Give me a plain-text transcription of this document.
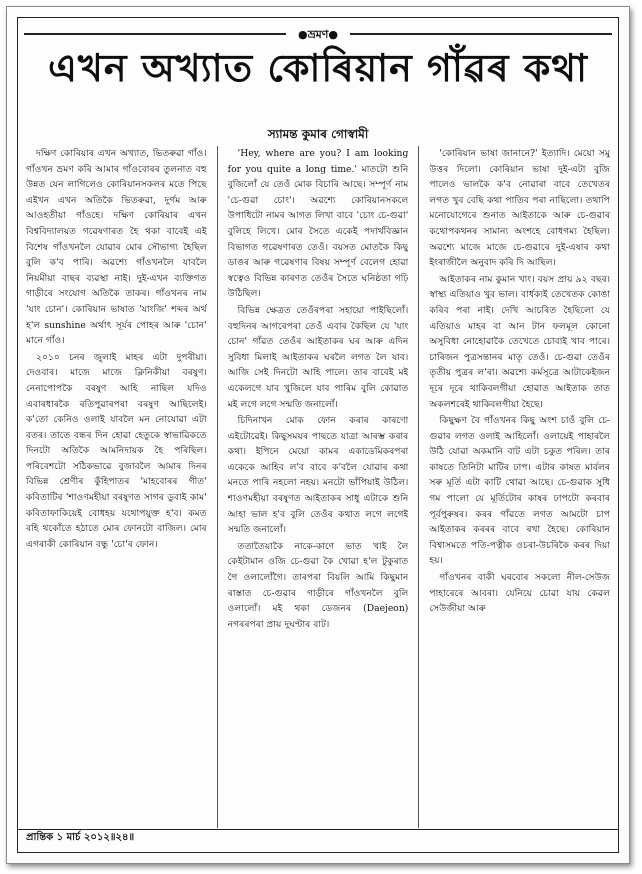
●ভ্ৰমণ●
এখন অখ্যাত কোৰিয়ান গাঁৱৰ কথা
স্যামন্ত কুমাৰ গোস্বামী

দক্ষিণ কোৰিয়াৰ এখন অখ্যাত, ভিতৰুৱা গাঁও। গাঁওখন ভ্ৰমণ কৰি আমাৰ গাঁওবোৰৰ তুলনাত বহু উন্নত যেন লাগিলেও কোৰিয়ানসকলৰ মতে পিছে এইখন এখন অতিকৈ ভিতৰুৱা, দুৰ্গম আৰু আওহতীয়া গাঁওহে। দক্ষিণ কোৰিয়াৰ এখন বিশ্ববিদ্যালয়ত গৱেষণাৰত হৈ থকা বাবেই এই বিশেষ গাঁওখনলৈ যোৱাৰ মোৰ সৌভাগ্য হৈছিল বুলি ক'ব পাৰি। অৱশ্যে গাঁওখনলৈ যাবলৈ নিয়মীয়া বাছৰ ব্যৱস্থা নাই। দুই-এখন ব্যক্তিগত গাড়ীৰে সংযোগ অতিকৈ তাকৰ। গাঁওখনৰ নাম 'যাং চোন'। কোৰিয়ান ভাষাত 'যাংজি' শব্দৰ অৰ্থ হ'ল sunshine অৰ্থাৎ সূৰ্যৰ পোহৰ আৰু 'চোন' মানে গাঁও।

২০১০ চনৰ জুলাই মাহৰ এটা দুপৰীয়া। দেওবাৰ। মাজে মাজে ক্লিনিকীয়া বৰষুণ। নেনাপোপকৈ বৰষুণ আহি নাছিল যদিও এবাৰধাৰকৈ ৰতিপুৱাৰপৰা বৰষুণ আছিলেই। ক'তো কেনিও ওলাই যাবলৈ মন নোযোৱা এটা বতৰ। তাতে বন্ধৰ দিন হোৱা হেতুকে স্বাভাৱিকতে দিনটো অতিকৈ আমনিদায়ক হৈ পৰিছিল। পৰিবেশটো সঠিকভাৱে বুজাবলৈ আমাৰ দিনৰ বিভিন্ন শ্ৰেণীৰ কুঁহিপাতৰ 'মাহবোৰৰ গীত' কবিতাটিৰ 'শাওণমহীয়া বৰষুণত সাগৰ ডুবাই কাম' কবিতাফাকিয়েই বোধহয় যথোপযুক্ত হ'ব। কমত বহি থকোঁতে হঠাতে মোৰ ফোনটো বাজিল। মোৰ এগৰাকী কোৰিয়ান বন্ধু 'চো'ৰ ফোন।

'Hey, where are you? I am looking for you quite a long time.' মাতটো শুনি বুজিলোঁ যে তেওঁ মোক বিচাৰি আছে। সম্পূৰ্ণ নাম 'চে-গুৱা চোং'। অৱশ্যে কোৰিয়ানসকলে উপাধিটো নামৰ আগত লিখা বাবে 'চোং চে-গুৱা' বুলিহে লিখে। মোৰ সৈতে একেই পদাৰ্থবিজ্ঞান বিভাগত গৱেষণাৰত তেওঁ। বয়সত মোতকৈ কিছু ডাঙৰ আৰু গৱেষণাৰ বিষয় সম্পূৰ্ণ বেলেগ হোৱা স্বত্বেও বিভিন্ন কাৰণত তেওঁৰ সৈতে ঘনিষ্ঠতা গঢ়ি উঠিছিল।

বিভিন্ন ক্ষেত্ৰত তেওঁৰপৰা সহায়ো পাইছিলোঁ। বহুদিনৰ আগৰেপৰা তেওঁ এবাৰ কৈছিল যে 'যাং চোন' গাঁৱত তেওঁৰ আইতাকৰ ঘৰ আৰু এদিন সুবিধা মিলাই আইতাকৰ ঘৰলৈ লগত লৈ যাব। আজি সেই দিনটো আহি পালে। তাৰ বাবেই মই একেলগে যাব খুজিলে যাব পাৰিম বুলি কোৱাত মই লগে লগে সন্মতি জনালোঁ।

চিদিনাখন মোক ফোন কৰাৰ কাৰণো এইটোৱেই। কিছুসময়ৰ পাছতে যাত্ৰা আৰম্ভ কৰাৰ কথা। ইপিনে মেয়ো কামৰ একাডেমিকৰপৰা একেকে আহিব ল'ব বাবে ক'বলৈ যোৱাৰ কথা মনতে পাৰি নহলো নহয়। মনটো ভাঁপিয়াই উঠিল। শাওণমহীয়া বৰষুণত আইতাকৰ সাধু এটাকে শুনি আহা ভাল হ'ব বুলি তেওঁৰ কথাত লগে লগেই সন্মতি জনালোঁ।

ততাতৈয়াকৈ নাকে-কাণে ভাত খাই লৈ কেইটামান ওজি চে-গুৱা কৈ খোৱা হ'ল টুকুৰাত গৈ ওলালোঁগৈ। তাৰপৰা বিয়লি আমি কিছুমান ৰাস্তাত চে-গুৱাৰ গাড়ীৰে গাঁওখনলৈ বুলি ওলালোঁ। মই থকা ডেজনৰ (Daejeon) নগৰৰপৰা প্ৰায় দুঘণ্টাৰ বাট।

'কোৰিয়ান ভাষা জানানে?' ইত্যাদি। মেয়ো সমু উত্তৰ দিলো। কোৰিয়ান ভাষা দুই-এটা বুজি পালেও ভালকৈ ক'ব নোৱাৰা বাবে তেখেতৰ লগত খুব বেছি কথা পাতিব পৰা নাছিলো। তথাপি মনোযোগেৰে শুনাত আইতাকে আৰু চে-গুৱাৰ কথোপকথনৰ সামান্য অংশহে বোধগম্য হৈছিল। অৱশ্যে মাজে মাজে চে-গুৱাৰে দুই-এষাৰ কথা ইংৰাজীলৈ অনুবাদ কৰি দি আছিল।

আইতাকৰ নাম কুমান খাং। বয়স প্ৰায় ৯২ বছৰ। স্বাস্থ্য এতিয়াও খুব ভাল। বাৰ্ধক্যই তেখেতক কোঙা কৰিব পৰা নাই। দেখি আচৰিত হৈছিলো যে এতিয়াও মাহৰ বা আন টান ফলমূল কোনো অসুবিধা নোহোৱাকৈ তেখেতে চোবাই খাব পাৰে। চাৰিজন পুত্ৰসন্তানৰ মাতৃ তেওঁ। চে-গুৱা তেওঁৰ তৃতীয় পুত্ৰৰ ল'ৰা। অৱশ্যে কৰ্মসূত্ৰে আটাকেইজন দূৰে দূৰে থাকিবলগীয়া হোৱাত আইতাক তাত অকলশৰেই থাকিবলগীয়া হৈছে।

কিছুক্ষণ বৈ গাঁওখনৰ কিছু অংশ চাওঁ বুলি চে-গুৱাৰ লগত ওলাই আহিলোঁ। ওলায়েই পাহাৰলৈ উঠি যোৱা অকমানি বাট এটা চকুত পৰিল। তাৰ কাষতে তিনিটা মাটিৰ ঢাপ। এটাৰ কাষত মাৰ্বলৰ সৰু মূৰ্তি এটা কাটি থোৱা আছে। চে-গুৱাক সুধি গম পালো যে মূৰ্তিটোৰ কাষৰ ঢাপটো কৰবাৰ পূৰ্বপুৰুষৰ। কৰৰ গাঁৱতে লগত আমটো চাপ আইতাকৰ কৰৰৰ বাবে ৰখা হৈছে। কোৰিয়ান বিশ্বাসমতে পতি-পত্নীক ওচৰা-উচৰিকৈ কৰৰ দিয়া হয়।

গাঁওখনৰ বাকী ঘৰবোৰ সকলো নীল-সেউজ পাহাৰেৰে আবৰা। যেনিয়ে চোৱা যায় কেৱল সেউজীয়া আৰু

প্ৰান্তিক ১ মাৰ্চ ২০১২॥২৪॥
